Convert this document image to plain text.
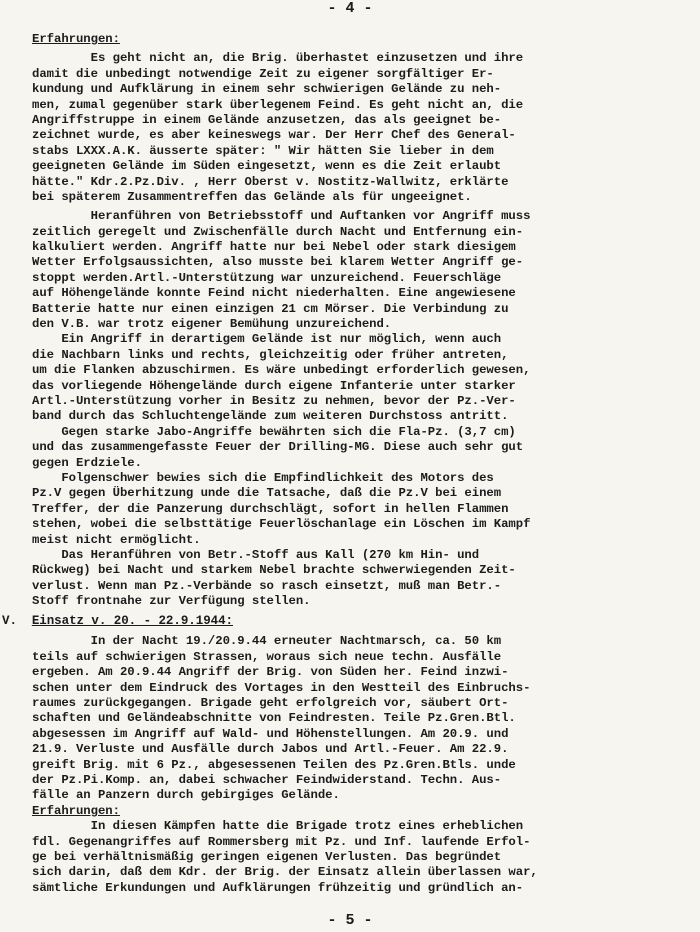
- 4 -
Erfahrungen:
Es geht nicht an, die Brig. überhastet einzusetzen und ihre
damit die unbedingt notwendige Zeit zu eigener sorgfältiger Er-
kundung und Aufklärung in einem sehr schwierigen Gelände zu neh-
men, zumal gegenüber stark überlegenem Feind. Es geht nicht an, die
Angriffstruppe in einem Gelände anzusetzen, das als geeignet be-
zeichnet wurde, es aber keineswegs war. Der Herr Chef des General-
stabs LXXX.A.K. äusserte später: " Wir hätten Sie lieber in dem
geeigneten Gelände im Süden eingesetzt, wenn es die Zeit erlaubt
hätte." Kdr.2.Pz.Div. , Herr Oberst v. Nostitz-Wallwitz, erklärte
bei späterem Zusammentreffen das Gelände als für ungeeignet.
Heranführen von Betriebsstoff und Auftanken vor Angriff muss
zeitlich geregelt und Zwischenfälle durch Nacht und Entfernung ein-
kalkuliert werden. Angriff hatte nur bei Nebel oder stark diesigem
Wetter Erfolgsaussichten, also musste bei klarem Wetter Angriff ge-
stoppt werden.Artl.-Unterstützung war unzureichend. Feuerschläge
auf Höhengelände konnte Feind nicht niederhalten. Eine angewiesene
Batterie hatte nur einen einzigen 21 cm Mörser. Die Verbindung zu
den V.B. war trotz eigener Bemühung unzureichend.
Ein Angriff in derartigem Gelände ist nur möglich, wenn auch
die Nachbarn links und rechts, gleichzeitig oder früher antreten,
um die Flanken abzuschirmen. Es wäre unbedingt erforderlich gewesen,
das vorliegende Höhengelände durch eigene Infanterie unter starker
Artl.-Unterstützung vorher in Besitz zu nehmen, bevor der Pz.-Ver-
band durch das Schluchtengelände zum weiteren Durchstoss antritt.
Gegen starke Jabo-Angriffe bewährten sich die Fla-Pz. (3,7 cm)
und das zusammengefasste Feuer der Drilling-MG. Diese auch sehr gut
gegen Erdziele.
Folgenschwer bewies sich die Empfindlichkeit des Motors des
Pz.V gegen Überhitzung unde die Tatsache, daß die Pz.V bei einem
Treffer, der die Panzerung durchschlägt, sofort in hellen Flammen
stehen, wobei die selbsttätige Feuerlöschanlage ein Löschen im Kampf
meist nicht ermöglicht.
Das Heranführen von Betr.-Stoff aus Kall (270 km Hin- und
Rückweg) bei Nacht und starkem Nebel brachte schwerwiegenden Zeit-
verlust. Wenn man Pz.-Verbände so rasch einsetzt, muß man Betr.-
Stoff frontnahe zur Verfügung stellen.
V. Einsatz v. 20. - 22.9.1944:
In der Nacht 19./20.9.44 erneuter Nachtmarsch, ca. 50 km
teils auf schwierigen Strassen, woraus sich neue techn. Ausfälle
ergeben. Am 20.9.44 Angriff der Brig. von Süden her. Feind inzwi-
schen unter dem Eindruck des Vortages in den Westteil des Einbruchs-
raumes zurückgegangen. Brigade geht erfolgreich vor, säubert Ort-
schaften und Geländeabschnitte von Feindresten. Teile Pz.Gren.Btl.
abgesessen im Angriff auf Wald- und Höhenstellungen. Am 20.9. und
21.9. Verluste und Ausfälle durch Jabos und Artl.-Feuer. Am 22.9.
greift Brig. mit 6 Pz., abgesessenen Teilen des Pz.Gren.Btls. unde
der Pz.Pi.Komp. an, dabei schwacher Feindwiderstand. Techn. Aus-
fälle an Panzern durch gebirgiges Gelände.
Erfahrungen:
In diesen Kämpfen hatte die Brigade trotz eines erheblichen
fdl. Gegenangriffes auf Rommersberg mit Pz. und Inf. laufende Erfol-
ge bei verhältnismäßig geringen eigenen Verlusten. Das begründet
sich darin, daß dem Kdr. der Brig. der Einsatz allein überlassen war,
sämtliche Erkundungen und Aufklärungen frühzeitig und gründlich an-
- 5 -
